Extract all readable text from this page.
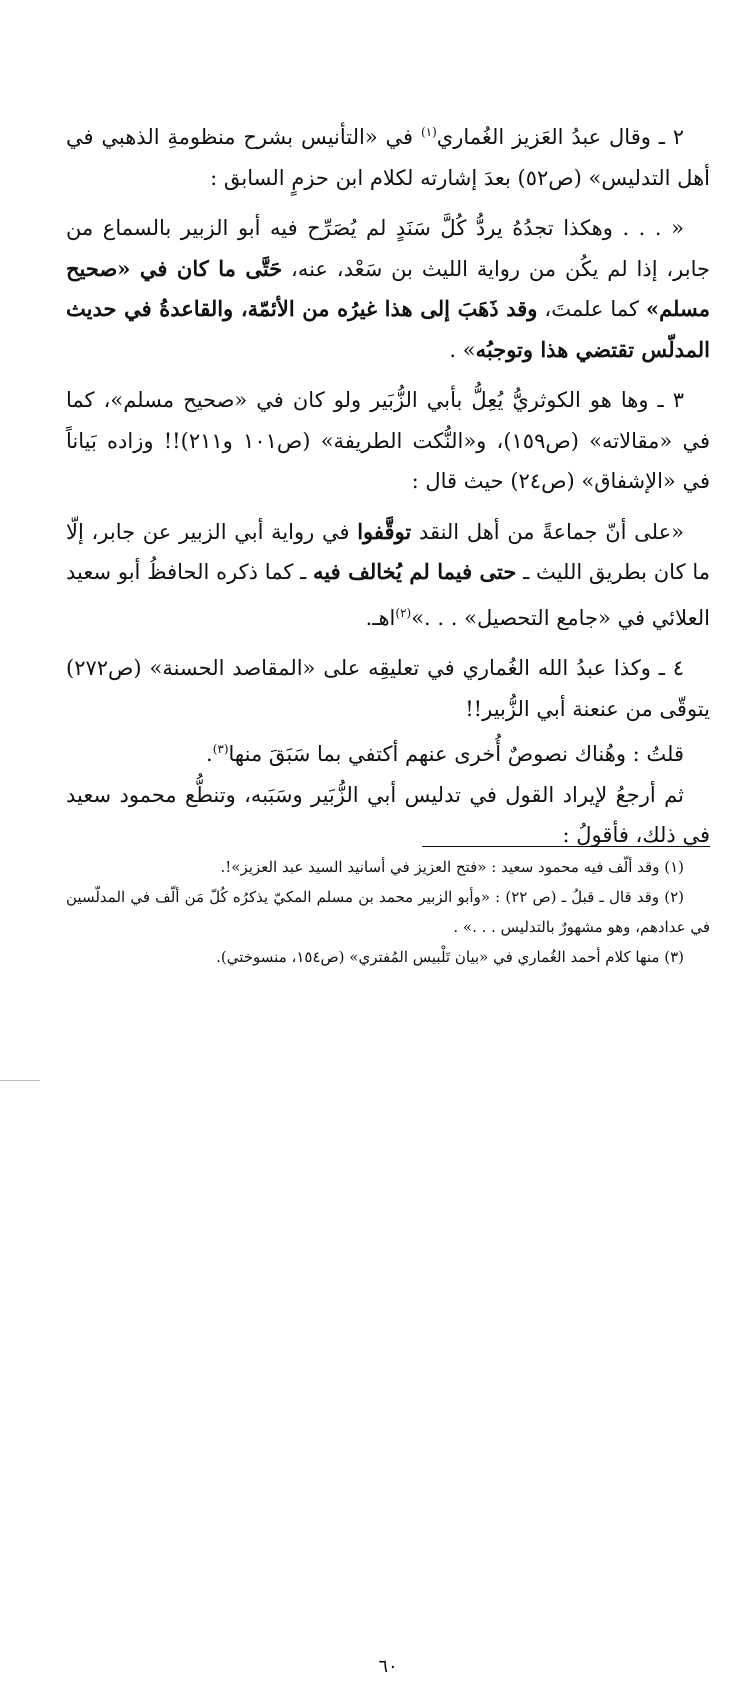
٢ ـ وقال عبدُ العَزيز الغُماري$^{(١)}$ في «التأنيس بشرح منظومةِ الذهبي في أهل التدليس» (ص٥٢) بعدَ إشارته لكلام ابن حزمٍ السابق :

« . . . وهكذا تجدُهُ يردُّ كُلَّ سَنَدٍ لم يُصَرِّح فيه أبو الزبير بالسماع من جابر، إذا لم يكُن من رواية الليث بن سَعْد، عنه، حَتَّى ما كان في «صحيح مسلم» كما علمتَ، وقد ذَهَبَ إلى هذا غيرُه من الأئمّة، والقاعدةُ في حديث المدلّس تقتضي هذا وتوجبُه» .

٣ ـ وها هو الكوثريُّ يُعِلُّ بأبي الزُّبَير ولو كان في «صحيح مسلم»، كما في «مقالاته» (ص١٥٩)، و«النُّكت الطريفة» (ص١٠١ و٢١١)!! وزاده بَياناً في «الإشفاق» (ص٢٤) حيث قال :

«على أنّ جماعةً من أهل النقد توقَّفوا في رواية أبي الزبير عن جابر، إلّا ما كان بطريق الليث ـ حتى فيما لم يُخالف فيه ـ كما ذكره الحافظُ أبو سعيد العلائي في «جامع التحصيل» . . .»$^{(٢)}$اهـ.

٤ ـ وكذا عبدُ الله الغُماري في تعليقِه على «المقاصد الحسنة» (ص٢٧٢) يتوقّى من عنعنة أبي الزُّبير!!

قلتُ : وهُناك نصوصٌ أُخرى عنهم أكتفي بما سَبَقَ منها$^{(٣)}$.

ثم أرجعُ لإيراد القول في تدليس أبي الزُّبَير وسَبَبه، وتنطُّع محمود سعيد في ذلك، فأقولُ :

(١) وقد ألّف فيه محمود سعيد : «فتح العزيز في أسانيد السيد عبد العزيز»!.

(٢) وقد قال ـ قبلُ ـ (ص ٢٢) : «وأبو الزبير محمد بن مسلم المكيّ يذكرُه كُلّ مَن ألّف في المدلّسين في عدادهم، وهو مشهورٌ بالتدليس . . .» .

(٣) منها كلام أحمد الغُماري في «بيان تَلْبيس المُفتري» (ص١٥٤، منسوختي).

٦٠
